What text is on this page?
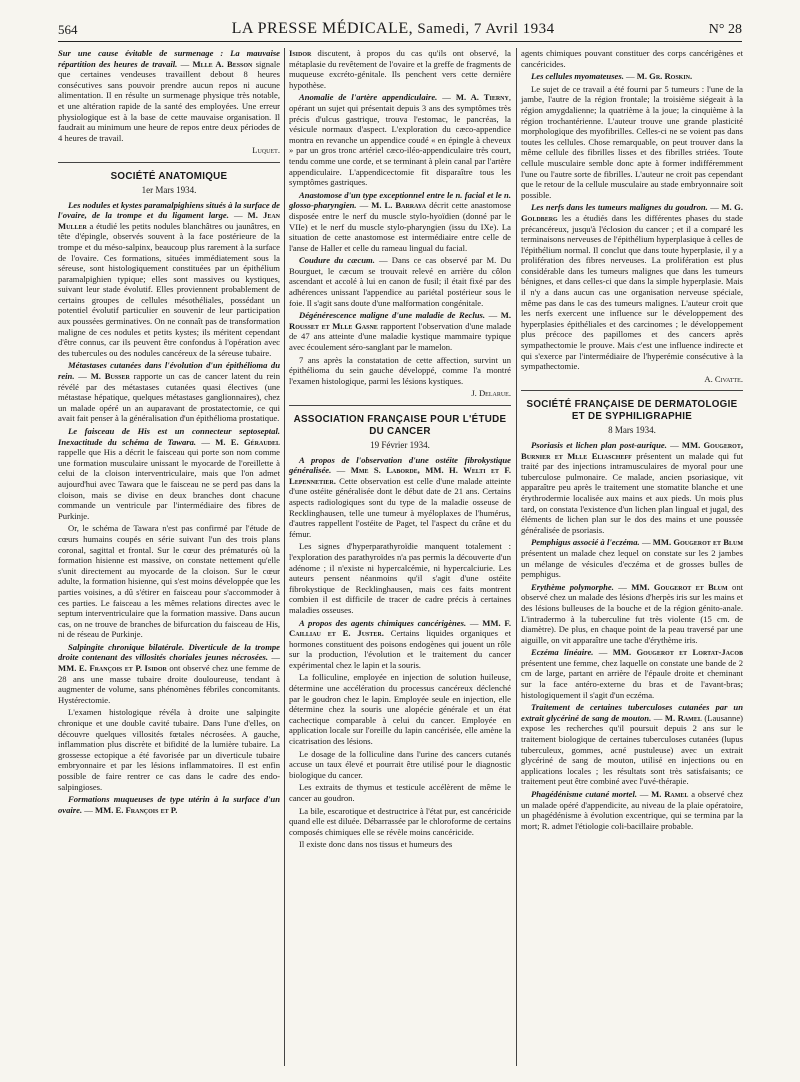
564	LA PRESSE MÉDICALE, Samedi, 7 Avril 1934	N° 28

Sur une cause évitable de surmenage : La mauvaise répartition des heures de travail. — Mlle A. Besson signale que certaines vendeuses travaillent debout 8 heures consécutives sans pouvoir prendre aucun repos ni aucune alimentation. Il en résulte un surmenage physique très notable, et une altération rapide de la santé des employées. Une erreur physiologique est à la base de cette mauvaise organisation. Il faudrait au minimum une heure de repos entre deux périodes de 4 heures de travail.

Luquet.
SOCIÉTÉ ANATOMIQUE
1er Mars 1934.

Les nodules et kystes paramalpighiens situés à la surface de l'ovaire, de la trompe et du ligament large. — M. Jean Muller a étudié les petits nodules blanchâtres ou jaunâtres, en tête d'épingle, observés souvent à la face postérieure de la trompe et du méso-salpinx, beaucoup plus rarement à la surface de l'ovaire. Ces formations, situées immédiatement sous la séreuse, sont histologiquement constituées par un épithélium paramalpighien typique; elles sont massives ou kystiques, suivant leur stade évolutif. Elles proviennent probablement de certains groupes de cellules mésothéliales, possédant un potentiel évolutif particulier en souvenir de leur participation aux poussées germinatives. On ne connaît pas de transformation maligne de ces nodules et petits kystes; ils méritent cependant d'être connus, car ils peuvent être confondus à l'opération avec des tubercules ou des nodules cancéreux de la séreuse tubaire.

Métastases cutanées dans l'évolution d'un épithélioma du rein. — M. Busser rapporte un cas de cancer latent du rein révélé par des métastases cutanées quasi électives (une métastase hépatique, quelques métastases ganglionnaires), chez un malade opéré un an auparavant de prostatectomie, ce qui avait fait penser à la généralisation d'un épithélioma prostatique.

Le faisceau de His est un connecteur septoseptal. Inexactitude du schéma de Tawara. — M. E. Géraudel rappelle que His a décrit le faisceau qui porte son nom comme une formation musculaire unissant le myocarde de l'oreillette à celui de la cloison interventriculaire, mais que l'on admet aujourd'hui avec Tawara que le faisceau ne se perd pas dans la cloison, mais se divise en deux branches dont chacune commande un ventricule par l'intermédiaire des fibres de Purkinje.

Or, le schéma de Tawara n'est pas confirmé par l'étude de cœurs humains coupés en série suivant l'un des trois plans coronal, sagittal et frontal. Sur le cœur des prématurés où la formation hisienne est massive, on constate nettement qu'elle s'unit directement au myocarde de la cloison. Sur le cœur adulte, la formation hisienne, qui s'est moins développée que les parties voisines, a dû s'étirer en faisceau pour s'accommoder à ces parties. Le faisceau a les mêmes relations directes avec le septum interventriculaire que la formation massive. Dans aucun cas, on ne trouve de branches de bifurcation du faisceau de His, ni de réseau de Purkinje.

Salpingite chronique bilatérale. Diverticule de la trompe droite contenant des villosités choriales jeunes nécrosées. — MM. E. François et P. Isidor ont observé chez une femme de 28 ans une masse tubaire droite douloureuse, tendant à augmenter de volume, sans phénomènes fébriles concomitants. Hystérectomie.

L'examen histologique révéla à droite une salpingite chronique et une double cavité tubaire. Dans l'une d'elles, on découvre quelques villosités fœtales nécrosées. A gauche, inflammation plus discrète et bifidité de la lumière tubaire. La grossesse ectopique a été favorisée par un diverticule tubaire embryonnaire et par les lésions inflammatoires. Il est enfin possible de faire rentrer ce cas dans le cadre des endo-salpingioses.

Formations muqueuses de type utérin à la surface d'un ovaire. — MM. E. François et P.

Isidor discutent, à propos du cas qu'ils ont observé, la métaplasie du revêtement de l'ovaire et la greffe de fragments de muqueuse excréto-génitale. Ils penchent vers cette dernière hypothèse.

Anomalie de l'artère appendiculaire. — M. A. Tierny, opérant un sujet qui présentait depuis 3 ans des symptômes très précis d'ulcus gastrique, trouva l'estomac, le pancréas, la vésicule normaux d'aspect. L'exploration du cæco-appendice montra en revanche un appendice coudé « en épingle à cheveux » par un gros tronc artériel cæco-iléo-appendiculaire très court, tendu comme une corde, et se terminant à plein canal par l'artère appendiculaire. L'appendicectomie fit disparaître tous les symptômes gastriques.

Anastomose d'un type exceptionnel entre le n. facial et le n. glosso-pharyngien. — M. L. Barraya décrit cette anastomose disposée entre le nerf du muscle stylo-hyoïdien (donné par le VIIe) et le nerf du muscle stylo-pharyngien (issu du IXe). La situation de cette anastomose est intermédiaire entre celle de l'anse de Haller et celle du rameau lingual du facial.

Coudure du cæcum. — Dans ce cas observé par M. Du Bourguet, le cæcum se trouvait relevé en arrière du côlon ascendant et accolé à lui en canon de fusil; il était fixé par des adhérences unissant l'appendice au pariétal postérieur sous le foie. Il s'agit sans doute d'une malformation congénitale.

Dégénérescence maligne d'une maladie de Reclus. — M. Rousset et Mlle Gasne rapportent l'observation d'une malade de 47 ans atteinte d'une maladie kystique mammaire typique avec écoulement séro-sanglant par le mamelon.

7 ans après la constatation de cette affection, survint un épithélioma du sein gauche développé, comme l'a montré l'examen histologique, parmi les lésions kystiques.

J. Delarue.
ASSOCIATION FRANÇAISE POUR L'ÉTUDE DU CANCER
19 Février 1934.

A propos de l'observation d'une ostéite fibrokystique généralisée. — Mme S. Laborde, MM. H. Welti et F. Lepennetier. Cette observation est celle d'une malade atteinte d'une ostéite généralisée dont le début date de 21 ans. Certains aspects radiologiques sont du type de la maladie osseuse de Recklinghausen, telle une tumeur à myéloplaxes de l'humérus, d'autres rappellent l'ostéite de Paget, tel l'aspect du crâne et du fémur.

Les signes d'hyperparathyroïdie manquent totalement : l'exploration des parathyroïdes n'a pas permis la découverte d'un adénome ; il n'existe ni hypercalcémie, ni hypercalciurie. Les auteurs pensent néanmoins qu'il s'agit d'une ostéite fibrokystique de Recklinghausen, mais ces faits montrent combien il est difficile de tracer de cadre précis à certaines maladies osseuses.

A propos des agents chimiques cancérigènes. — MM. F. Cailliau et E. Juster. Certains liquides organiques et hormones constituent des poisons endogènes qui jouent un rôle sur la production, l'évolution et le traitement du cancer expérimental chez le lapin et la souris.

La folliculine, employée en injection de solution huileuse, détermine une accélération du processus cancéreux déclenché par le goudron chez le lapin. Employée seule en injection, elle détermine chez la souris une alopécie générale et un état cachectique comparable à celui du cancer. Employée en application locale sur l'oreille du lapin cancérisée, elle amène la cicatrisation des lésions.

Le dosage de la folliculine dans l'urine des cancers cutanés accuse un taux élevé et pourrait être utilisé pour le diagnostic biologique du cancer.

Les extraits de thymus et testicule accélèrent de même le cancer au goudron.

La bile, escarotique et destructrice à l'état pur, est cancéricide quand elle est diluée. Débarrassée par le chloroforme de certains composés chimiques elle se révèle moins cancéricide.

Il existe donc dans nos tissus et humeurs des

agents chimiques pouvant constituer des corps cancérigènes et cancéricides.

Les cellules myomateuses. — M. Gr. Roskin.

Le sujet de ce travail a été fourni par 5 tumeurs : l'une de la jambe, l'autre de la région frontale; la troisième siégeait à la région amygdalienne; la quatrième à la joue; la cinquième à la région trochantérienne. L'auteur trouve une grande plasticité morphologique des myofibrilles. Celles-ci ne se voient pas dans toutes les cellules. Chose remarquable, on peut trouver dans la même cellule des fibrilles lisses et des fibrilles striées. Toute cellule musculaire semble donc apte à former indifféremment l'une ou l'autre sorte de fibrilles. L'auteur ne croit pas cependant que le retour de la cellule musculaire au stade embryonnaire soit possible.

Les nerfs dans les tumeurs malignes du goudron. — M. G. Goldberg les a étudiés dans les différentes phases du stade précancéreux, jusqu'à l'éclosion du cancer ; et il a comparé les terminaisons nerveuses de l'épithélium hyperplasique à celles de l'épithélium normal. Il conclut que dans toute hyperplasie, il y a prolifération des fibres nerveuses. La prolifération est plus considérable dans les tumeurs malignes que dans les tumeurs bénignes, et dans celles-ci que dans la simple hyperplasie. Mais il n'y a dans aucun cas une organisation nerveuse spéciale, même pas dans le cas des tumeurs malignes. L'auteur croit que les nerfs exercent une influence sur le développement des hyperplasies épithéliales et des carcinomes ; le développement plus précoce des papillomes et des cancers après sympathectomie le prouve. Mais c'est une influence indirecte et qui s'exerce par l'intermédiaire de l'hyperémie consécutive à la sympathectomie.

A. Civatte.
SOCIÉTÉ FRANÇAISE DE DERMATOLOGIE
ET DE SYPHILIGRAPHIE
8 Mars 1934.

Psoriasis et lichen plan post-aurique. — MM. Gougerot, Burnier et Mlle Eliascheff présentent un malade qui fut traité par des injections intramusculaires de myoral pour une tuberculose pulmonaire. Ce malade, ancien psoriasique, vit apparaître peu après le traitement une stomatite blanche et une érythrodermie localisée aux mains et aux pieds. Un mois plus tard, on constata l'existence d'un lichen plan lingual et jugal, des éléments de lichen plan sur le dos des mains et une poussée généralisée de psoriasis.

Pemphigus associé à l'eczéma. — MM. Gougerot et Blum présentent un malade chez lequel on constate sur les 2 jambes un mélange de vésicules d'eczéma et de grosses bulles de pemphigus.

Erythème polymorphe. — MM. Gougerot et Blum ont observé chez un malade des lésions d'herpès iris sur les mains et des lésions bulleuses de la bouche et de la région génito-anale. L'intradermo à la tuberculine fut très violente (15 cm. de diamètre). De plus, en chaque point de la peau traversé par une aiguille, on vit apparaître une tache d'érythème iris.

Eczéma linéaire. — MM. Gougerot et Lortat-Jacob présentent une femme, chez laquelle on constate une bande de 2 cm de large, partant en arrière de l'épaule droite et cheminant sur la face antéro-externe du bras et de l'avant-bras; histologiquement il s'agit d'un eczéma.

Traitement de certaines tuberculoses cutanées par un extrait glycériné de sang de mouton. — M. Ramel (Lausanne) expose les recherches qu'il poursuit depuis 2 ans sur le traitement biologique de certaines tuberculoses cutanées (lupus tuberculeux, gommes, acné pustuleuse) avec un extrait glycériné de sang de mouton, utilisé en injections ou en applications locales ; les résultats sont très satisfaisants; ce traitement peut être combiné avec l'uvé-thérapie.

Phagédénisme cutané mortel. — M. Ramel a observé chez un malade opéré d'appendicite, au niveau de la plaie opératoire, un phagédénisme à évolution excentrique, qui se termina par la mort; R. admet l'étiologie coli-bacillaire probable.
